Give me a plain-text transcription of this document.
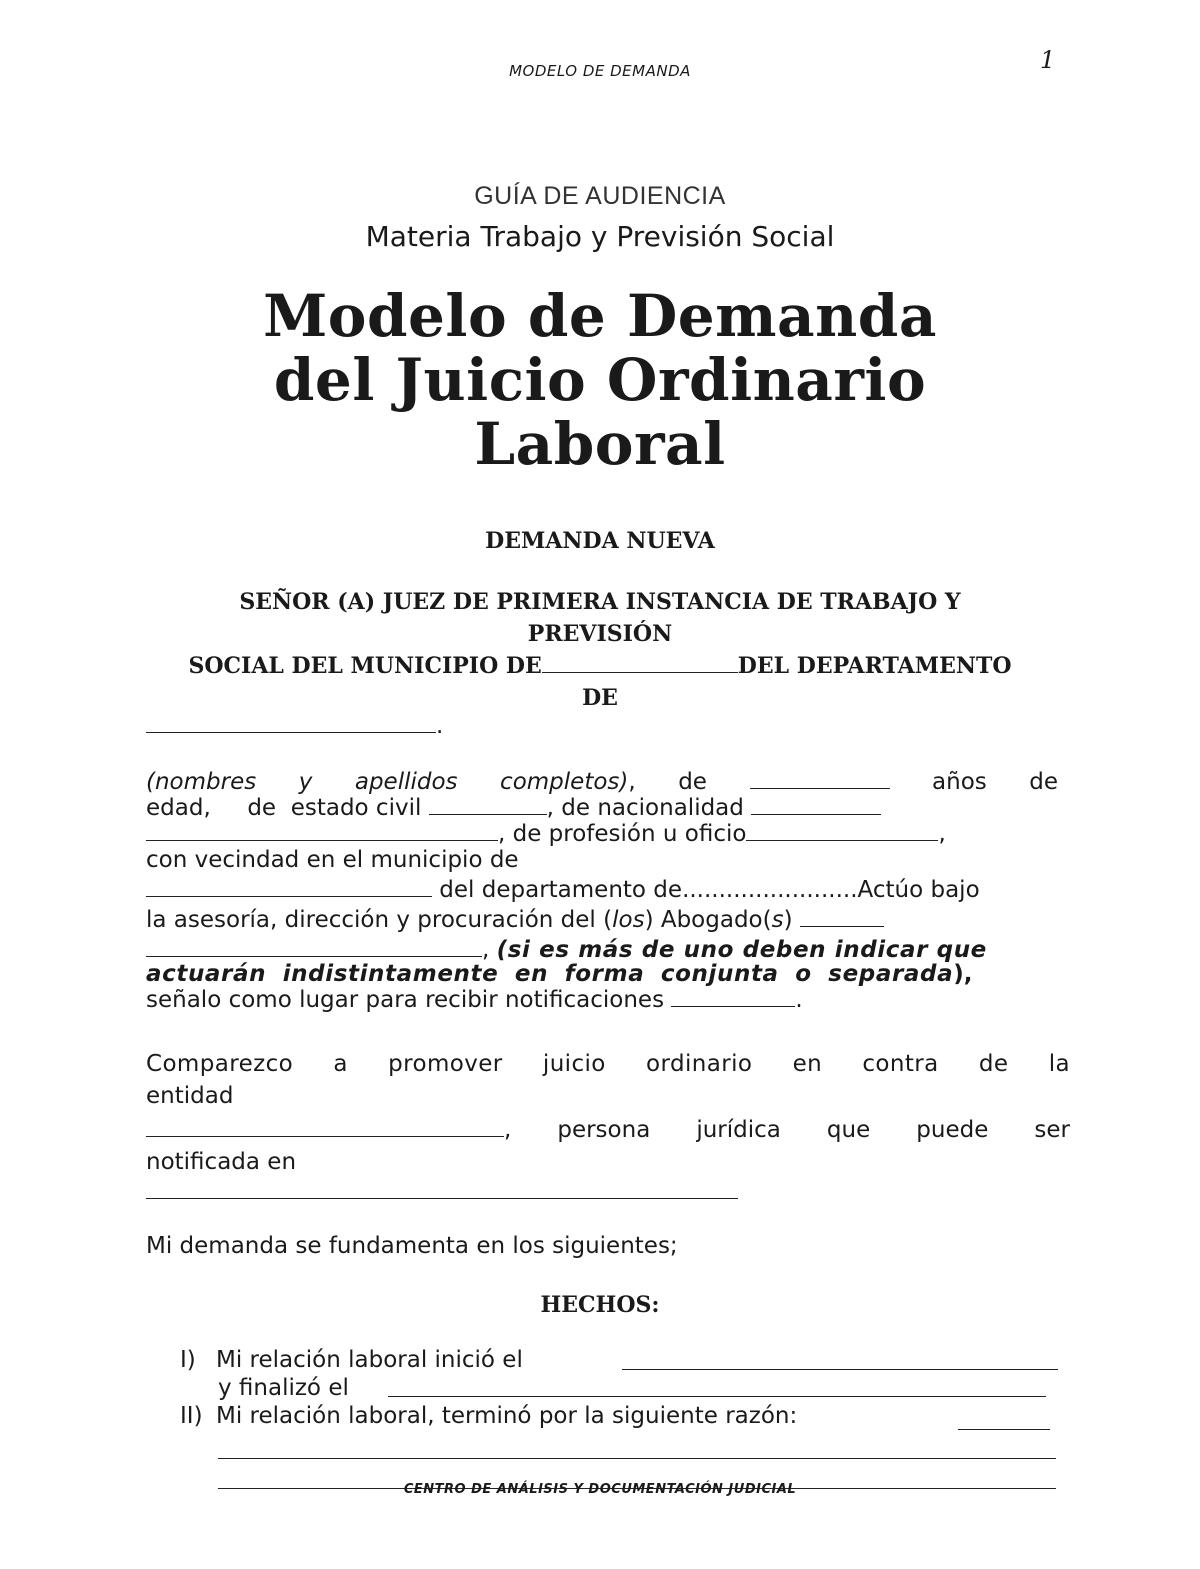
MODELO DE DEMANDA	1
GUÍA DE AUDIENCIA
Materia Trabajo y Previsión Social
Modelo de Demanda
del Juicio Ordinario
Laboral
DEMANDA NUEVA
SEÑOR (A) JUEZ DE PRIMERA INSTANCIA DE TRABAJO Y
PREVISIÓN
SOCIAL DEL MUNICIPIO DE	DEL DEPARTAMENTO
DE
.
(nombres y apellidos completos), de	años de
edad, de estado civil	, de nacionalidad
, de profesión u oficio	,
con vecindad en el municipio de
del departamento de........................Actúo bajo
la asesoría, dirección y procuración del (los) Abogado(s)
, (si es más de uno deben indicar que
actuarán indistintamente en forma conjunta o separada),
señalo como lugar para recibir notificaciones	.
Comparezco a promover juicio ordinario en contra de la
entidad
, persona jurídica que puede ser
notificada en
Mi demanda se fundamenta en los siguientes;
HECHOS:
I) Mi relación laboral inició el
y finalizó el
II) Mi relación laboral, terminó por la siguiente razón:
CENTRO DE ANÁLISIS Y DOCUMENTACIÓN JUDICIAL
